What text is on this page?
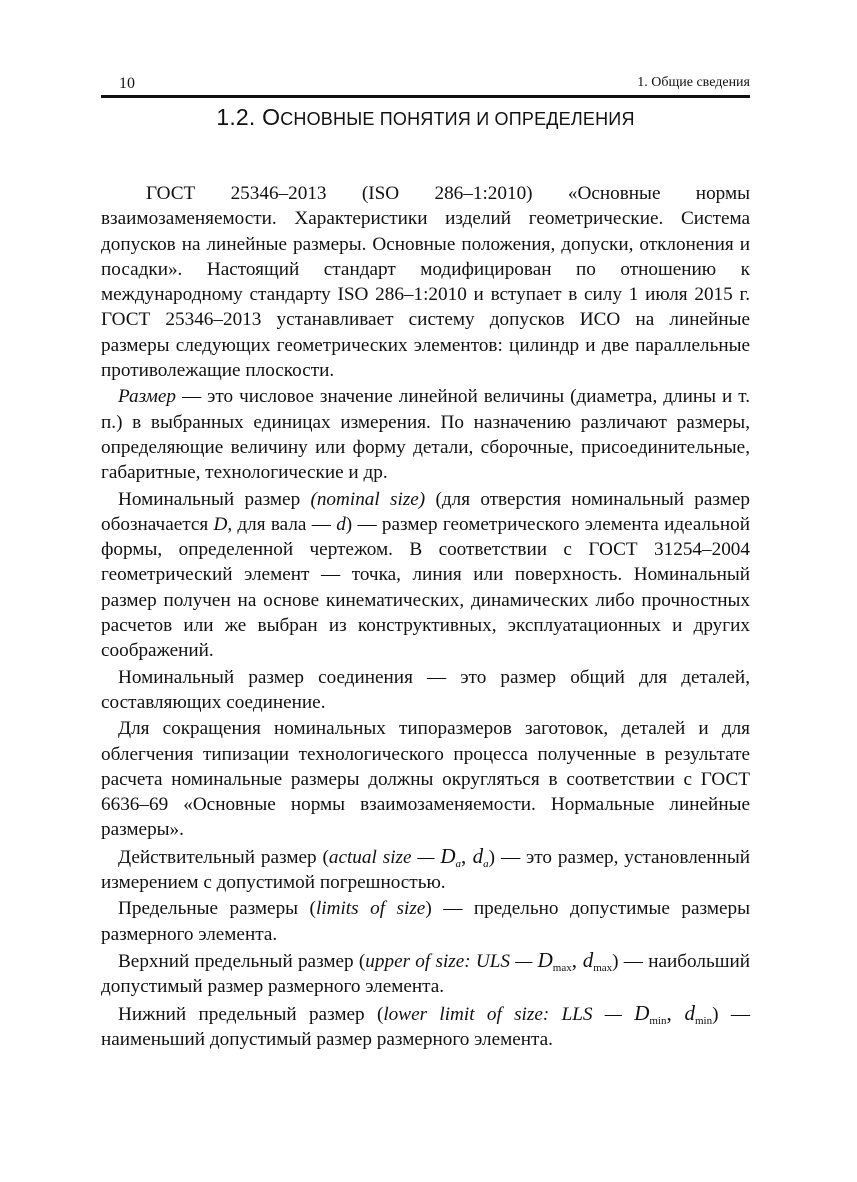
10	1. Общие сведения
1.2. ОСНОВНЫЕ ПОНЯТИЯ И ОПРЕДЕЛЕНИЯ

ГОСТ 25346–2013 (ISO 286–1:2010) «Основные нормы взаимозаменяемости. Характеристики изделий геометрические. Система допусков на линейные размеры. Основные положения, допуски, отклонения и посадки». Настоящий стандарт модифицирован по отношению к международному стандарту ISO 286–1:2010 и вступает в силу 1 июля 2015 г. ГОСТ 25346–2013 устанавливает систему допусков ИСО на линейные размеры следующих геометрических элементов: цилиндр и две параллельные противолежащие плоскости.

Размер — это числовое значение линейной величины (диаметра, длины и т. п.) в выбранных единицах измерения. По назначению различают размеры, определяющие величину или форму детали, сборочные, присоединительные, габаритные, технологические и др.

Номинальный размер (nominal size) (для отверстия номинальный размер обозначается D, для вала — d) — размер геометрического элемента идеальной формы, определенной чертежом. В соответствии с ГОСТ 31254–2004 геометрический элемент — точка, линия или поверхность. Номинальный размер получен на основе кинематических, динамических либо прочностных расчетов или же выбран из конструктивных, эксплуатационных и других соображений.

Номинальный размер соединения — это размер общий для деталей, составляющих соединение.

Для сокращения номинальных типоразмеров заготовок, деталей и для облегчения типизации технологического процесса полученные в результате расчета номинальные размеры должны округляться в соответствии с ГОСТ 6636–69 «Основные нормы взаимозаменяемости. Нормальные линейные размеры».

Действительный размер (actual size — $D_a$, $d_a$) — это размер, установленный измерением с допустимой погрешностью.

Предельные размеры (limits of size) — предельно допустимые размеры размерного элемента.

Верхний предельный размер (upper of size: ULS — $D_{max}$, $d_{max}$) — наибольший допустимый размер размерного элемента.

Нижний предельный размер (lower limit of size: LLS — $D_{min}$, $d_{min}$) — наименьший допустимый размер размерного элемента.
